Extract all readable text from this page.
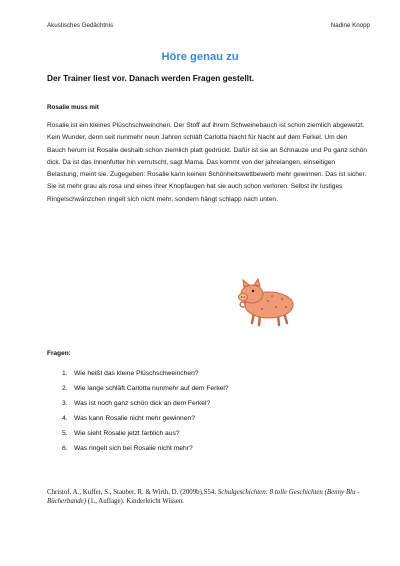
Akustisches Gedächtnis	Nadine Knopp
Höre genau zu

Der Trainer liest vor. Danach werden Fragen gestellt.

Rosalie muss mit

Rosalie ist ein kleines Plüschschweinchen. Der Stoff auf ihrem Schweinebauch ist schon ziemlich abgewetzt. Kein Wunder, denn seit nunmehr neun Jahren schläft Carlotta Nacht für Nacht auf dem Ferkel. Um den Bauch herum ist Rosalie deshalb schon ziemlich platt gedrückt. Dafür ist sie an Schnauze und Po ganz schön dick. Da ist das Innenfutter hin verrutscht, sagt Mama. Das kommt von der jahrelangen, einseitigen Belastung, meint sie. Zugegeben: Rosalie kann keinen Schönheitswettbewerb mehr gewinnen. Das ist sicher. Sie ist mehr grau als rosa und eines ihrer Knopfaugen hat sie auch schon verloren. Selbst ihr lustiges Ringelschwänzchen ringelt sich nicht mehr, sondern hängt schlapp nach unten.

Fragen:

1. Wie heißt das kleine Plüschschweinchen?
2. Wie lange schläft Carlotta nunmehr auf dem Ferkel?
3. Was ist noch ganz schön dick an dem Ferkel?
4. Was kann Rosalie nicht mehr gewinnen?
5. Wie sieht Rosalie jetzt farblich aus?
6. Was ringelt sich bei Rosalie nicht mehr?

Christof, A., Kuffer, S., Stauber, R. & Wirth, D. (2009b),S54. Schulgeschichten: 8 tolle Geschichten (Benny Blu - Bücherbande) (1., Auflage). Kinderleicht Wissen.
